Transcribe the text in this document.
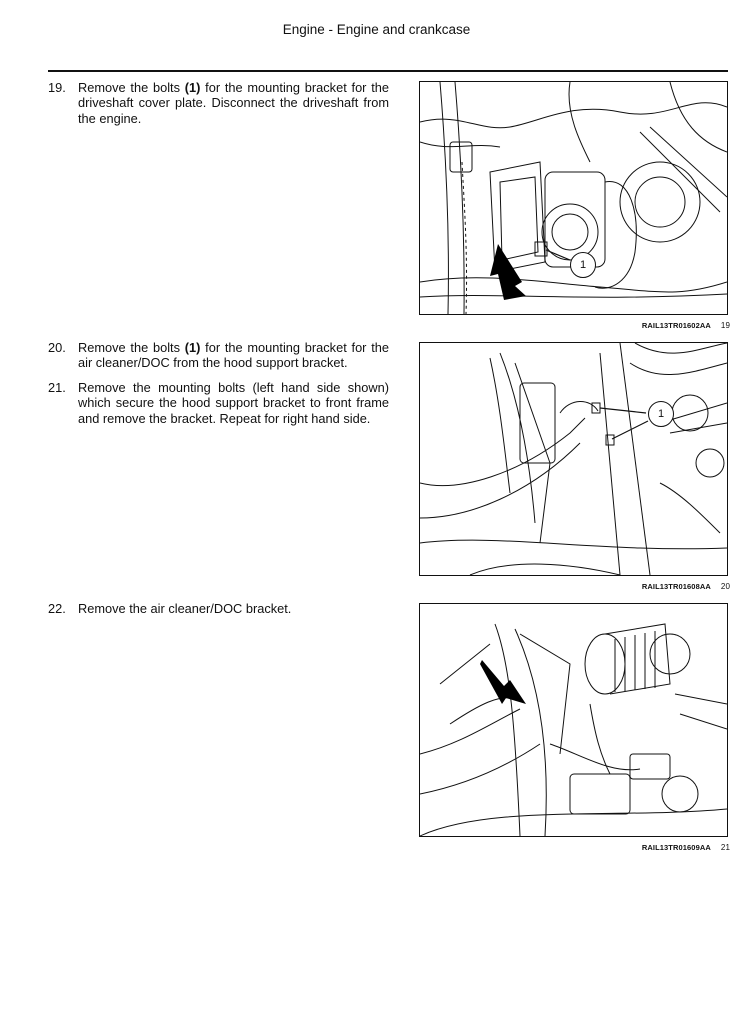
Engine - Engine and crankcase
19. Remove the bolts (1) for the mounting bracket for the driveshaft cover plate. Disconnect the driveshaft from the engine.
20. Remove the bolts (1) for the mounting bracket for the air cleaner/DOC from the hood support bracket.
21. Remove the mounting bolts (left hand side shown) which secure the hood support bracket to front frame and remove the bracket. Repeat for right hand side.
22. Remove the air cleaner/DOC bracket.
1
RAIL13TR01602AA 19
1
RAIL13TR01608AA 20
RAIL13TR01609AA 21
